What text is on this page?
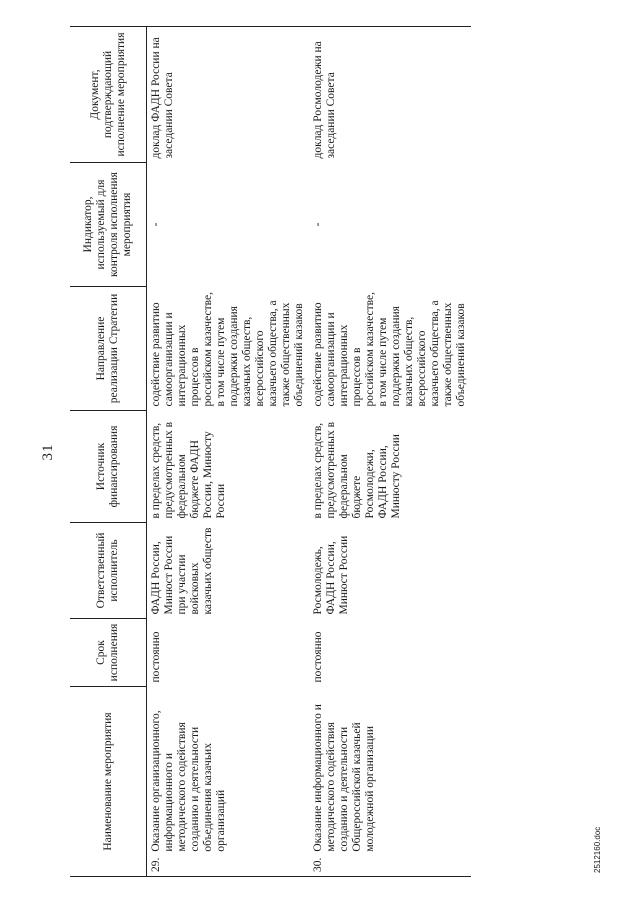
31
Наименование мероприятия	Срок исполнения	Ответственный исполнитель	Источник финансирования	Направление реализации Стратегии	Индикатор, используемый для контроля исполнения мероприятия	Документ, подтверждающий исполнение мероприятия

29.
Оказание организационного, информационного и методического содействия созданию и деятельности объединения казачьих организаций	постоянно	ФАДН России, Минюст России при участии войсковых казачьих обществ	в пределах средств, предусмотренных в федеральном бюджете ФАДН России, Минюсту России	содействие развитию самоорганизации и интеграционных процессов в российском казачестве, в том числе путем поддержки создания казачьих обществ, всероссийского казачьего общества, а также общественных объединений казаков	-	доклад ФАДН России на заседании Совета

30.
Оказание информационного и методического содействия созданию и деятельности Общероссийской казачьей молодежной организации	постоянно	Росмолодежь, ФАДН России, Минюст России	в пределах средств, предусмотренных в федеральном бюджете Росмолодежи, ФАДН России, Минюсту России	содействие развитию самоорганизации и интеграционных процессов в российском казачестве, в том числе путем поддержки создания казачьих обществ, всероссийского казачьего общества, а также общественных объединений казаков	-	доклад Росмолодежи на заседании Совета
2512160.doc
